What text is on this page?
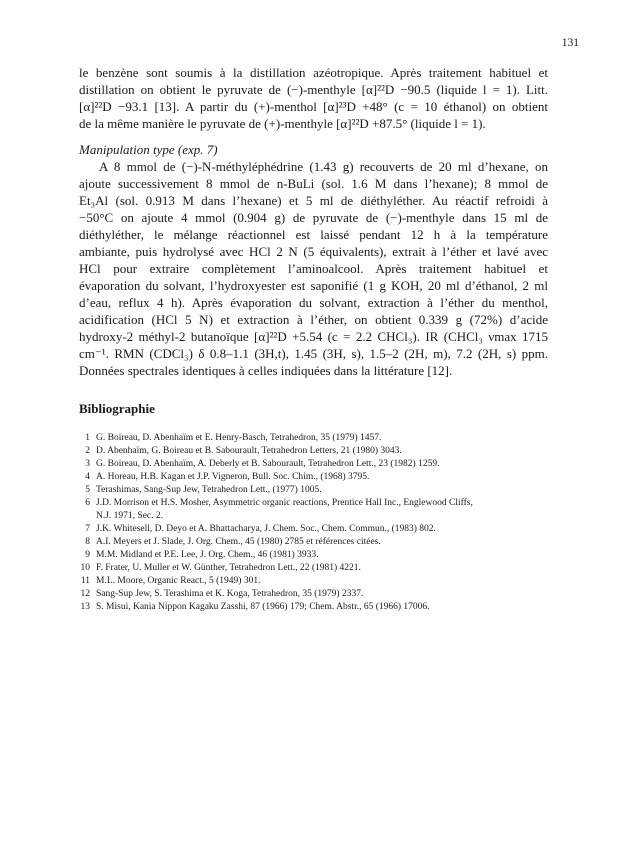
131
le benzène sont soumis à la distillation azéotropique. Après traitement habituel et
distillation on obtient le pyruvate de (−)-menthyle [α]²²D −90.5 (liquide l = 1). Litt.
[α]²²D −93.1 [13]. A partir du (+)-menthol [α]²³D +48° (c = 10 éthanol) on obtient
de la même manière le pyruvate de (+)-menthyle [α]²²D +87.5° (liquide l = 1).
Manipulation type (exp. 7)
A 8 mmol de (−)-N-méthyléphédrine (1.43 g) recouverts de 20 ml d’hexane, on
ajoute successivement 8 mmol de n-BuLi (sol. 1.6 M dans l’hexane); 8 mmol de
Et₃Al (sol. 0.913 M dans l’hexane) et 5 ml de diéthyléther. Au réactif refroidi à
−50°C on ajoute 4 mmol (0.904 g) de pyruvate de (−)-menthyle dans 15 ml de
diéthyléther, le mélange réactionnel est laissé pendant 12 h à la température
ambiante, puis hydrolysé avec HCl 2 N (5 équivalents), extrait à l’éther et lavé avec
HCl pour extraire complètement l’aminoalcool. Après traitement habituel et
évaporation du solvant, l’hydroxyester est saponifié (1 g KOH, 20 ml d’éthanol, 2 ml
d’eau, reflux 4 h). Après évaporation du solvant, extraction à l’éther du menthol,
acidification (HCl 5 N) et extraction à l’éther, on obtient 0.339 g (72%) d’acide
hydroxy-2 méthyl-2 butanoïque [α]²²D +5.54 (c = 2.2 CHCl₃). IR (CHCl₃ νmax 1715
cm⁻¹. RMN (CDCl₃) δ 0.8–1.1 (3H,t), 1.45 (3H, s), 1.5–2 (2H, m), 7.2 (2H, s) ppm.
Données spectrales identiques à celles indiquées dans la littérature [12].
Bibliographie
1 G. Boireau, D. Abenhaïm et E. Henry-Basch, Tetrahedron, 35 (1979) 1457.
2 D. Abenhaïm, G. Boireau et B. Sabourault, Tetrahedron Letters, 21 (1980) 3043.
3 G. Boireau, D. Abenhaïm, A. Deberly et B. Sabourault, Tetrahedron Lett., 23 (1982) 1259.
4 A. Horeau, H.B. Kagan et J.P. Vigneron, Bull. Soc. Chim., (1968) 3795.
5 Terashimas, Sang-Sup Jew, Tetrahedron Lett., (1977) 1005.
6 J.D. Morrison et H.S. Mosher, Asymmetric organic reactions, Prentice Hall Inc., Englewood Cliffs,
N.J. 1971, Sec. 2.
7 J.K. Whitesell, D. Deyo et A. Bhattacharya, J. Chem. Soc., Chem. Commun., (1983) 802.
8 A.I. Meyers et J. Slade, J. Org. Chem., 45 (1980) 2785 et références citées.
9 M.M. Midland et P.E. Lee, J. Org. Chem., 46 (1981) 3933.
10 F. Frater, U. Muller et W. Günther, Tetrahedron Lett., 22 (1981) 4221.
11 M.L. Moore, Organic React., 5 (1949) 301.
12 Sang-Sup Jew, S. Terashima et K. Koga, Tetrahedron, 35 (1979) 2337.
13 S. Misui, Kania Nippon Kagaku Zasshi, 87 (1966) 179; Chem. Abstr., 65 (1966) 17006.
